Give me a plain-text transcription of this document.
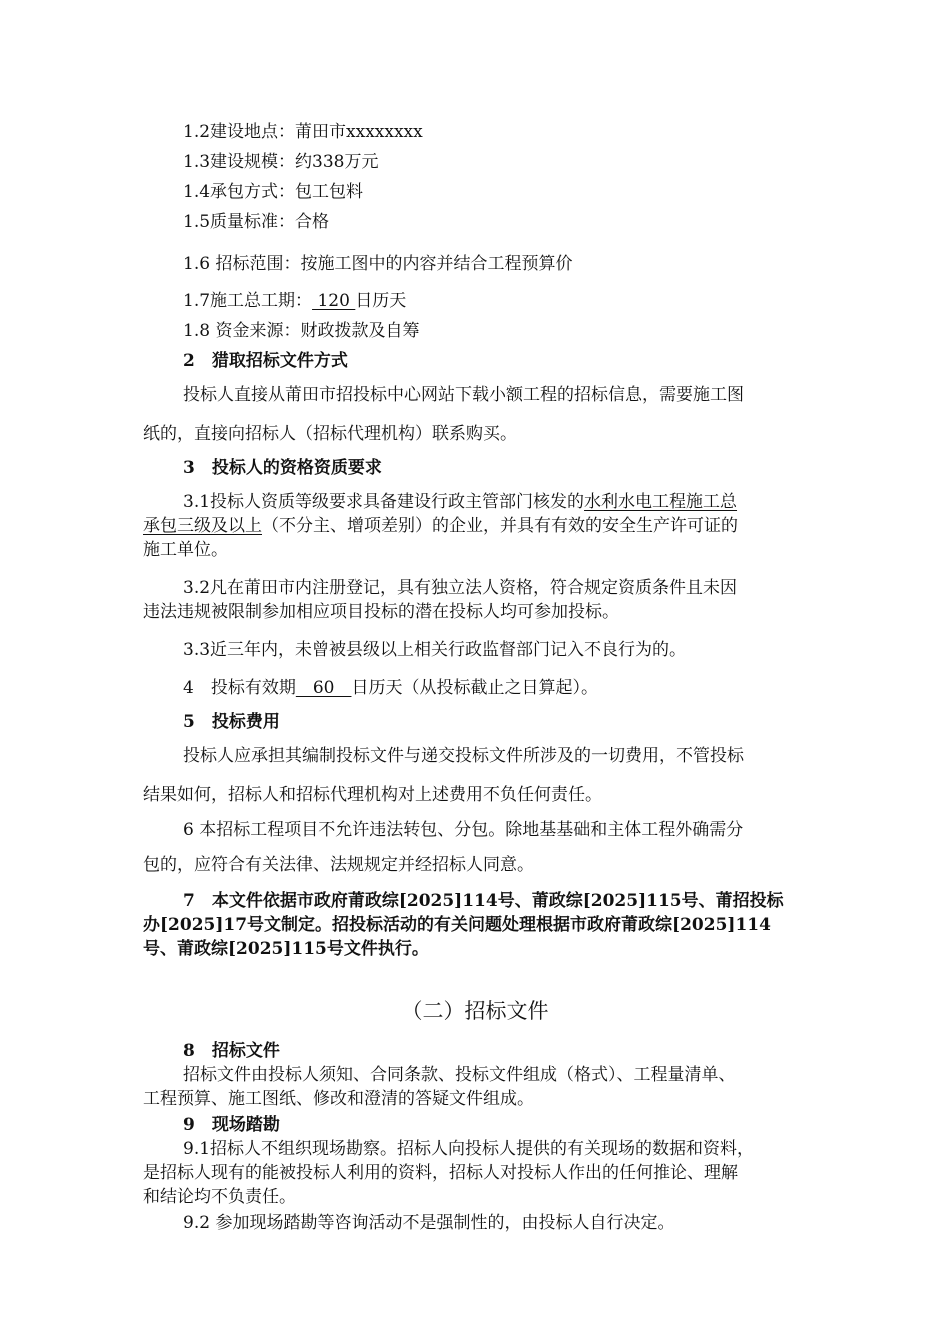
1.2建设地点：莆田市xxxxxxxx
1.3建设规模：约338万元
1.4承包方式：包工包料
1.5质量标准：合格
1.6 招标范围：按施工图中的内容并结合工程预算价
1.7施工总工期： 120 日历天
1.8 资金来源：财政拨款及自筹
2　猎取招标文件方式
投标人直接从莆田市招投标中心网站下载小额工程的招标信息，需要施工图
纸的，直接向招标人（招标代理机构）联系购买。
3　投标人的资格资质要求
3.1投标人资质等级要求具备建设行政主管部门核发的水利水电工程施工总
承包三级及以上（不分主、增项差别）的企业，并具有有效的安全生产许可证的
施工单位。
3.2凡在莆田市内注册登记，具有独立法人资格，符合规定资质条件且未因
违法违规被限制参加相应项目投标的潜在投标人均可参加投标。
3.3近三年内，未曾被县级以上相关行政监督部门记入不良行为的。
4　投标有效期　60　日历天（从投标截止之日算起）。
5　投标费用
投标人应承担其编制投标文件与递交投标文件所涉及的一切费用，不管投标
结果如何，招标人和招标代理机构对上述费用不负任何责任。
6 本招标工程项目不允许违法转包、分包。除地基基础和主体工程外确需分
包的，应符合有关法律、法规规定并经招标人同意。
7　本文件依据市政府莆政综[2025]114号、莆政综[2025]115号、莆招投标
办[2025]17号文制定。招投标活动的有关问题处理根据市政府莆政综[2025]114
号、莆政综[2025]115号文件执行。
（二）招标文件
8　招标文件
招标文件由投标人须知、合同条款、投标文件组成（格式）、工程量清单、
工程预算、施工图纸、修改和澄清的答疑文件组成。
9　现场踏勘
9.1招标人不组织现场勘察。招标人向投标人提供的有关现场的数据和资料，
是招标人现有的能被投标人利用的资料，招标人对投标人作出的任何推论、理解
和结论均不负责任。
9.2 参加现场踏勘等咨询活动不是强制性的，由投标人自行决定。
